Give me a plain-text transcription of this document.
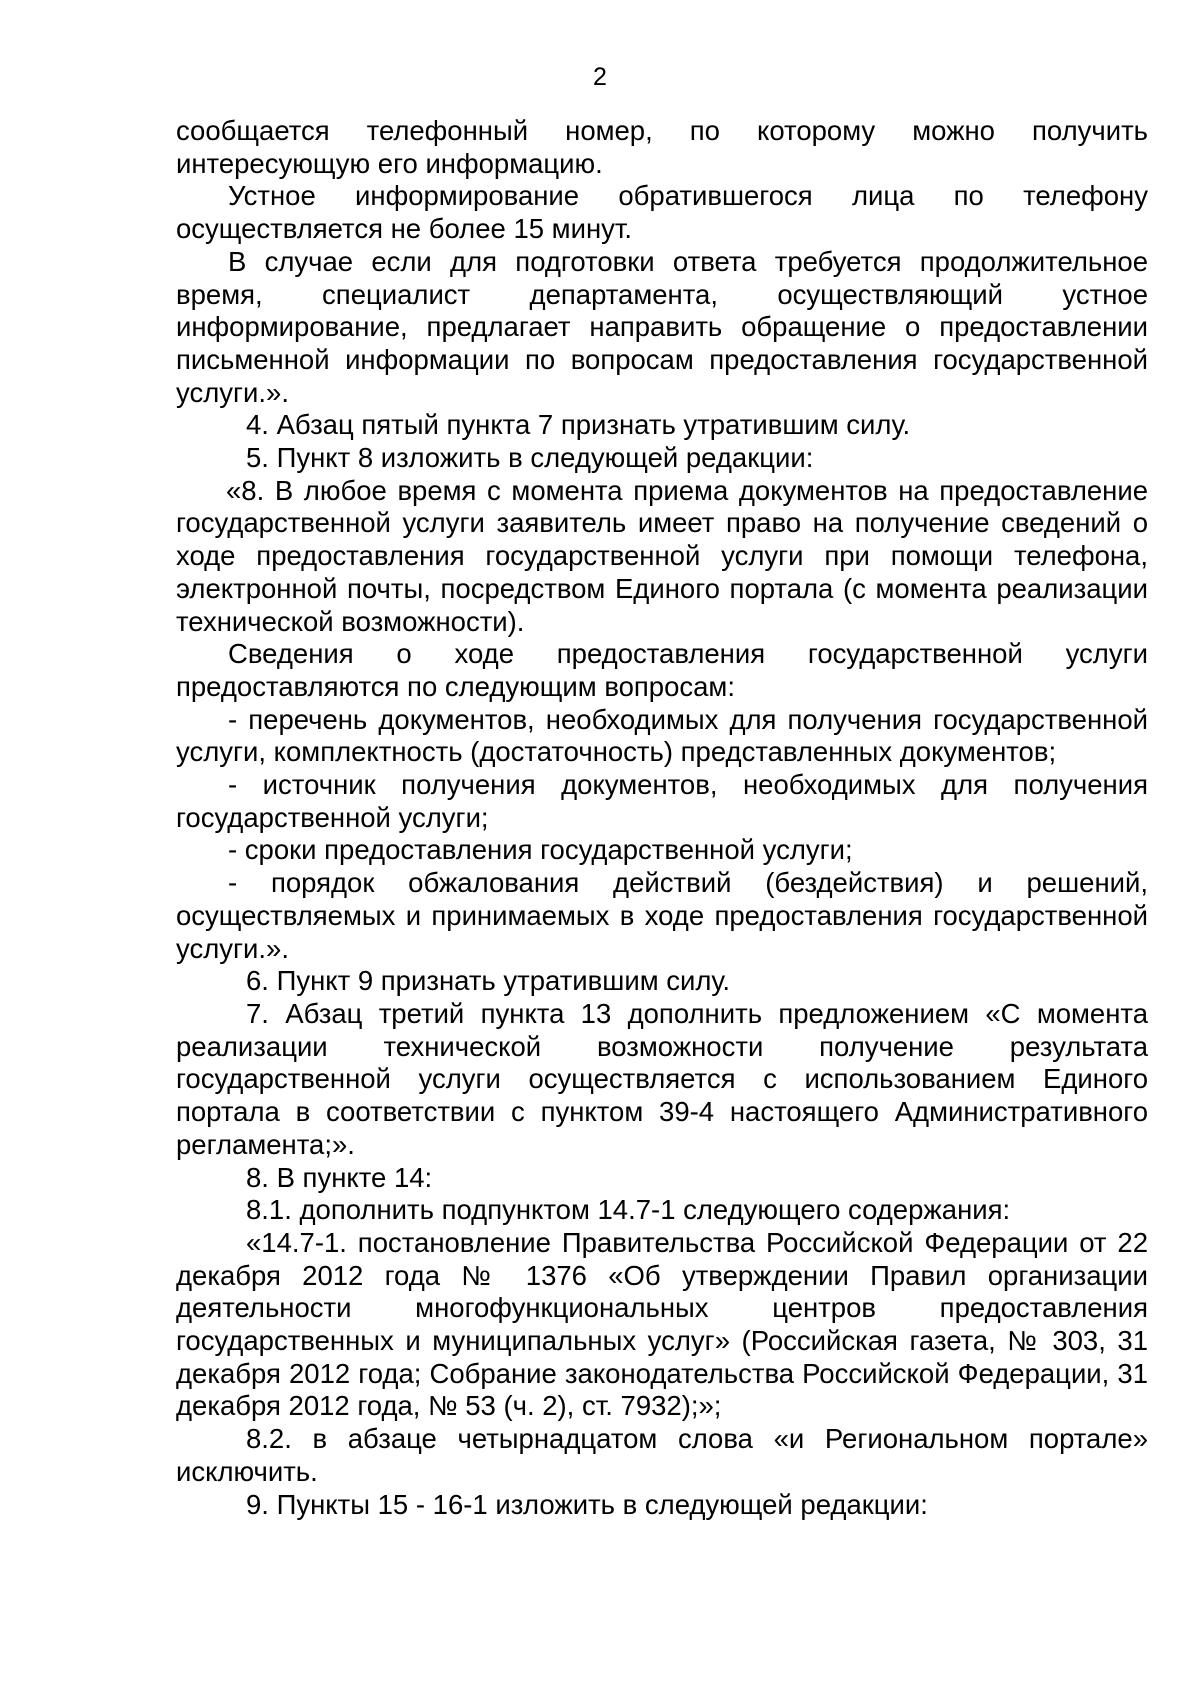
2

сообщается телефонный номер, по которому можно получить интересующую его информацию.

Устное информирование обратившегося лица по телефону осуществляется не более 15 минут.

В случае если для подготовки ответа требуется продолжительное время, специалист департамента, осуществляющий устное информирование, предлагает направить обращение о предоставлении письменной информации по вопросам предоставления государственной услуги.».

4. Абзац пятый пункта 7 признать утратившим силу.

5. Пункт 8 изложить в следующей редакции:

«8. В любое время с момента приема документов на предоставление государственной услуги заявитель имеет право на получение сведений о ходе предоставления государственной услуги при помощи телефона, электронной почты, посредством Единого портала (с момента реализации технической возможности).

Сведения о ходе предоставления государственной услуги предоставляются по следующим вопросам:

- перечень документов, необходимых для получения государственной услуги, комплектность (достаточность) представленных документов;

- источник получения документов, необходимых для получения государственной услуги;

- сроки предоставления государственной услуги;

- порядок обжалования действий (бездействия) и решений, осуществляемых и принимаемых в ходе предоставления государственной услуги.».

6. Пункт 9 признать утратившим силу.

7. Абзац третий пункта 13 дополнить предложением «С момента реализации технической возможности получение результата государственной услуги осуществляется с использованием Единого портала в соответствии с пунктом 39-4 настоящего Административного регламента;».

8. В пункте 14:

8.1. дополнить подпунктом 14.7-1 следующего содержания:

«14.7-1. постановление Правительства Российской Федерации от 22 декабря 2012 года № 1376 «Об утверждении Правил организации деятельности многофункциональных центров предоставления государственных и муниципальных услуг» (Российская газета, № 303, 31 декабря 2012 года; Собрание законодательства Российской Федерации, 31 декабря 2012 года, № 53 (ч. 2), ст. 7932);»;

8.2. в абзаце четырнадцатом слова «и Региональном портале» исключить.

9. Пункты 15 - 16-1 изложить в следующей редакции:
